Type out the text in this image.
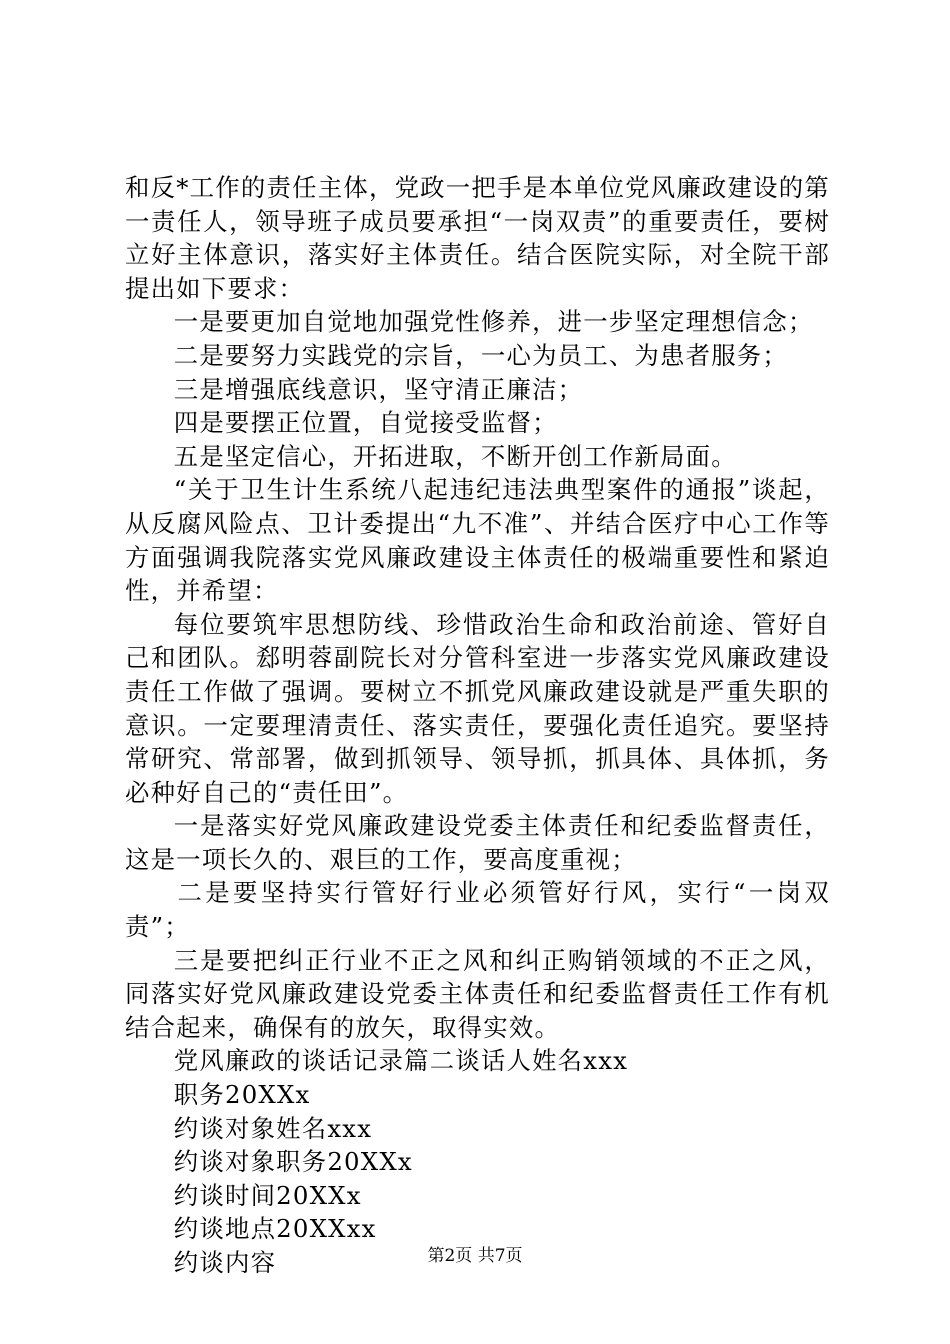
和反*工作的责任主体，党政一把手是本单位党风廉政建设的第一责任人，领导班子成员要承担“一岗双责”的重要责任，要树立好主体意识，落实好主体责任。结合医院实际，对全院干部提出如下要求：

一是要更加自觉地加强党性修养，进一步坚定理想信念；

二是要努力实践党的宗旨，一心为员工、为患者服务；

三是增强底线意识，坚守清正廉洁；

四是要摆正位置，自觉接受监督；

五是坚定信心，开拓进取，不断开创工作新局面。

“关于卫生计生系统八起违纪违法典型案件的通报”谈起，从反腐风险点、卫计委提出“九不准”、并结合医疗中心工作等方面强调我院落实党风廉政建设主体责任的极端重要性和紧迫性，并希望：

每位要筑牢思想防线、珍惜政治生命和政治前途、管好自己和团队。郄明蓉副院长对分管科室进一步落实党风廉政建设责任工作做了强调。要树立不抓党风廉政建设就是严重失职的意识。一定要理清责任、落实责任，要强化责任追究。要坚持常研究、常部署，做到抓领导、领导抓，抓具体、具体抓，务必种好自己的“责任田”。

一是落实好党风廉政建设党委主体责任和纪委监督责任，这是一项长久的、艰巨的工作，要高度重视；

二是要坚持实行管好行业必须管好行风，实行“一岗双责”；

三是要把纠正行业不正之风和纠正购销领域的不正之风，同落实好党风廉政建设党委主体责任和纪委监督责任工作有机结合起来，确保有的放矢，取得实效。

党风廉政的谈话记录篇二谈话人姓名xxx

职务20XXx

约谈对象姓名xxx

约谈对象职务20XXx

约谈时间20XXx

约谈地点20XXxx

约谈内容	第2页 共7页
